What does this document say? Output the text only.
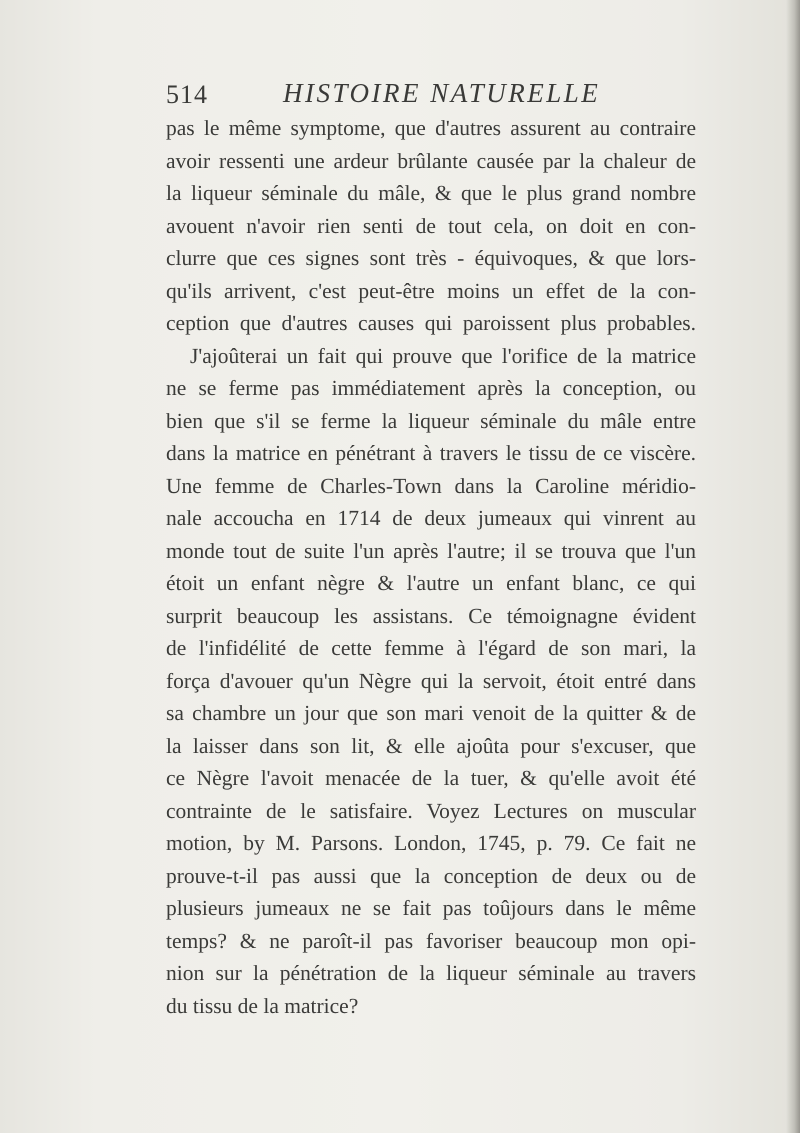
514	HISTOIRE NATURELLE
pas le même symptome, que d'autres assurent au contraire
avoir ressenti une ardeur brûlante causée par la chaleur de
la liqueur séminale du mâle, & que le plus grand nombre
avouent n'avoir rien senti de tout cela, on doit en con-
clurre que ces signes sont très - équivoques, & que lors-
qu'ils arrivent, c'est peut-être moins un effet de la con-
ception que d'autres causes qui paroissent plus probables.
J'ajoûterai un fait qui prouve que l'orifice de la matrice
ne se ferme pas immédiatement après la conception, ou
bien que s'il se ferme la liqueur séminale du mâle entre
dans la matrice en pénétrant à travers le tissu de ce viscère.
Une femme de Charles-Town dans la Caroline méridio-
nale accoucha en 1714 de deux jumeaux qui vinrent au
monde tout de suite l'un après l'autre; il se trouva que l'un
étoit un enfant nègre & l'autre un enfant blanc, ce qui
surprit beaucoup les assistans. Ce témoignagne évident
de l'infidélité de cette femme à l'égard de son mari, la
força d'avouer qu'un Nègre qui la servoit, étoit entré dans
sa chambre un jour que son mari venoit de la quitter & de
la laisser dans son lit, & elle ajoûta pour s'excuser, que
ce Nègre l'avoit menacée de la tuer, & qu'elle avoit été
contrainte de le satisfaire. Voyez Lectures on muscular
motion, by M. Parsons. London, 1745, p. 79. Ce fait ne
prouve-t-il pas aussi que la conception de deux ou de
plusieurs jumeaux ne se fait pas toûjours dans le même
temps? & ne paroît-il pas favoriser beaucoup mon opi-
nion sur la pénétration de la liqueur séminale au travers
du tissu de la matrice?
